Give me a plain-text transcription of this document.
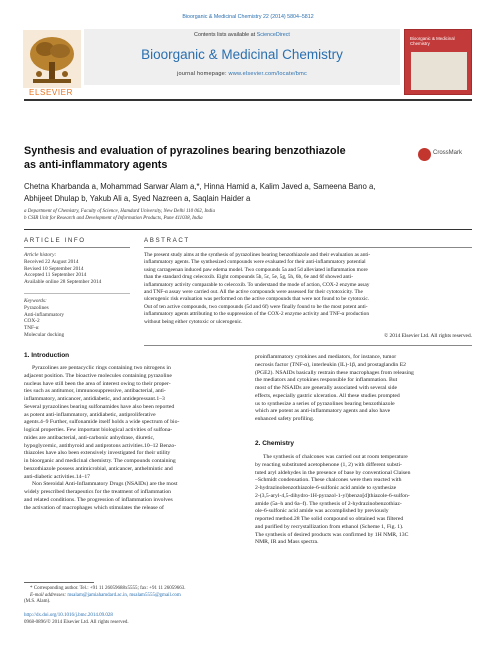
Bioorganic & Medicinal Chemistry 22 (2014) 5804–5812
Contents lists available at ScienceDirect
Bioorganic & Medicinal Chemistry
journal homepage: www.elsevier.com/locate/bmc
ELSEVIER
Bioorganic & Medicinal Chemistry
Synthesis and evaluation of pyrazolines bearing benzothiazole
as anti-inflammatory agents
CrossMark
Chetna Kharbanda a, Mohammad Sarwar Alam a,*, Hinna Hamid a, Kalim Javed a, Sameena Bano a,
Abhijeet Dhulap b, Yakub Ali a, Syed Nazreen a, Saqlain Haider a
a Department of Chemistry, Faculty of Science, Hamdard University, New Delhi 110 062, India
b CSIR Unit for Research and Development of Information Products, Pune 411038, India
ARTICLE INFO
Article history:
Received 22 August 2014
Revised 10 September 2014
Accepted 11 September 2014
Available online 28 September 2014
Keywords:
Pyrazolines
Anti-inflammatory
COX-2
TNF-α
Molecular docking
ABSTRACT
The present study aims at the synthesis of pyrazolines bearing benzothiazole and their evaluation as anti-
inflammatory agents. The synthesized compounds were evaluated for their anti-inflammatory potential
using carrageenan induced paw edema model. Two compounds 5a and 5d alleviated inflammation more
than the standard drug celecoxib. Eight compounds 5b, 5c, 5e, 5g, 5h, 6b, 6e and 6f showed anti-
inflammatory activity comparable to celecoxib. To understand the mode of action, COX-2 enzyme assay
and TNF-α assay were carried out. All the active compounds were assessed for their cytotoxicity. The
ulcerogenic risk evaluation was performed on the active compounds that were not found to be cytotoxic.
Out of ten active compounds, two compounds (5d and 6f) were finally found to be the most potent anti-
inflammatory agents attributing to the suppression of the COX-2 enzyme activity and TNF-α production
without being either cytotoxic or ulcerogenic.
© 2014 Elsevier Ltd. All rights reserved.
1. Introduction
Pyrazolines are pentacyclic rings containing two nitrogens in
adjacent position. The bioactive molecules containing pyrazoline
nucleus have still been the area of interest owing to their proper-
ties such as antitumor, immunosuppressive, antibacterial, anti-
inflammatory, anticancer, antidiabetic, and antidepressant.1–3
Several pyrazolines bearing sulfonamides have also been reported
as potent anti-inflammatory, antidiabetic, antiproliferative
agents.4–9 Further, sulfonamide itself holds a wide spectrum of bio-
logical properties. Few important biological activities of sulfona-
mides are antibacterial, anti-carbonic anhydrase, diuretic,
hypoglycemic, antithyroid and antiprotons activities.10–12 Benzo-
thiazoles have also been extensively investigated for their utility
in bioorganic and medicinal chemistry. The compounds containing
benzothiazole possess antimicrobial, anticancer, anthelmintic and
anti-diabetic activities.14–17
Non Steroidal Anti-Inflammatory Drugs (NSAIDs) are the most
widely prescribed therapeutics for the treatment of inflammation
and related conditions. The progression of inflammation involves
the activation of macrophages which stimulates the release of
* Corresponding author. Tel.: +91 11 26059688x5555; fax: +91 11 26059663.
E-mail addresses: msalam@jamiahamdard.ac.in, msalam5555@gmail.com
(M.S. Alam).
http://dx.doi.org/10.1016/j.bmc.2014.09.028
0968-0896/© 2014 Elsevier Ltd. All rights reserved.
proinflammatory cytokines and mediators, for instance, tumor
necrosis factor (TNF-α), interleukin (IL)-1β, and prostaglandin E2
(PGE2). NSAIDs basically restrain these macrophages from releasing
the mediators and cytokines responsible for inflammation. But
most of the NSAIDs are generally associated with several side
effects, especially gastric ulceration. All these studies prompted
us to synthesize a series of pyrazolines bearing benzothiazole
which are potent as anti-inflammatory agents and also have
enhanced safety profiling.
2. Chemistry
The synthesis of chalcones was carried out at room temperature
by reacting substituted acetophenone (1, 2) with different substi-
tuted aryl aldehydes in the presence of base by conventional Claisen
–Schmidt condensation. These chalcones were then reacted with
2-hydrazinobenzothiazole-6-sulfonic acid amide to synthesize
2-(3,5-aryl-4,5-dihydro-1H-pyrazol-1-yl)benzo[d]thiazole-6-sulfon-
amide (5a–h and 6a–f). The synthesis of 2-hydrazinobenzothiaz-
ole-6-sulfonic acid amide was accomplished by previously
reported method.28 The solid compound so obtained was filtered
and purified by recrystallization from ethanol (Scheme 1, Fig. 1).
The synthesis of desired products was confirmed by 1H NMR, 13C
NMR, IR and Mass spectra.
